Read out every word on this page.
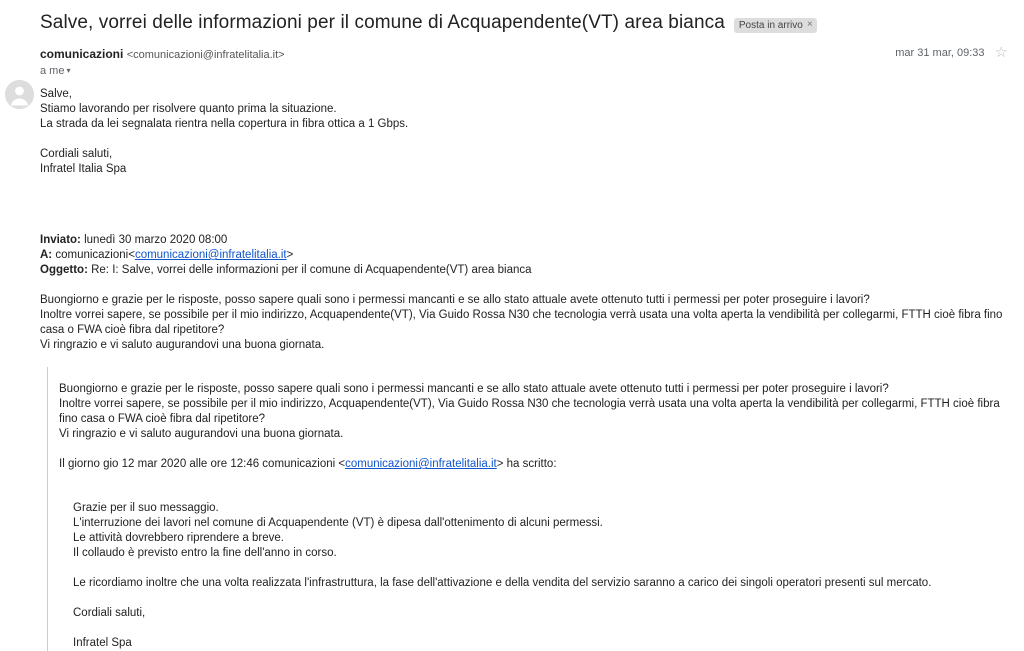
Salve, vorrei delle informazioni per il comune di Acquapendente(VT) area bianca Posta in arrivo ×
comunicazioni <comunicazioni@infratelitalia.it>
a me ▾
mar 31 mar, 09:33 ☆

Salve,

Stiamo lavorando per risolvere quanto prima la situazione.

La strada da lei segnalata rientra nella copertura in fibra ottica a 1 Gbps.

Cordiali saluti,

Infratel Italia Spa

Inviato: lunedì 30 marzo 2020 08:00

A: comunicazioni<comunicazioni@infratelitalia.it>

Oggetto: Re: I: Salve, vorrei delle informazioni per il comune di Acquapendente(VT) area bianca

Buongiorno e grazie per le risposte, posso sapere quali sono i permessi mancanti e se allo stato attuale avete ottenuto tutti i permessi per poter proseguire i lavori?

Inoltre vorrei sapere, se possibile per il mio indirizzo, Acquapendente(VT), Via Guido Rossa N30 che tecnologia verrà usata una volta aperta la vendibilità per collegarmi, FTTH cioè fibra fino casa o FWA cioè fibra dal ripetitore?

Vi ringrazio e vi saluto augurandovi una buona giornata.

Buongiorno e grazie per le risposte, posso sapere quali sono i permessi mancanti e se allo stato attuale avete ottenuto tutti i permessi per poter proseguire i lavori?

Inoltre vorrei sapere, se possibile per il mio indirizzo, Acquapendente(VT), Via Guido Rossa N30 che tecnologia verrà usata una volta aperta la vendibilità per collegarmi, FTTH cioè fibra fino casa o FWA cioè fibra dal ripetitore?

Vi ringrazio e vi saluto augurandovi una buona giornata.

Il giorno gio 12 mar 2020 alle ore 12:46 comunicazioni <comunicazioni@infratelitalia.it> ha scritto:

Grazie per il suo messaggio.

L'interruzione dei lavori nel comune di Acquapendente (VT) è dipesa dall'ottenimento di alcuni permessi.

Le attività dovrebbero riprendere a breve.

Il collaudo è previsto entro la fine dell'anno in corso.

Le ricordiamo inoltre che una volta realizzata l'infrastruttura, la fase dell'attivazione e della vendita del servizio saranno a carico dei singoli operatori presenti sul mercato.

Cordiali saluti,

Infratel Spa
